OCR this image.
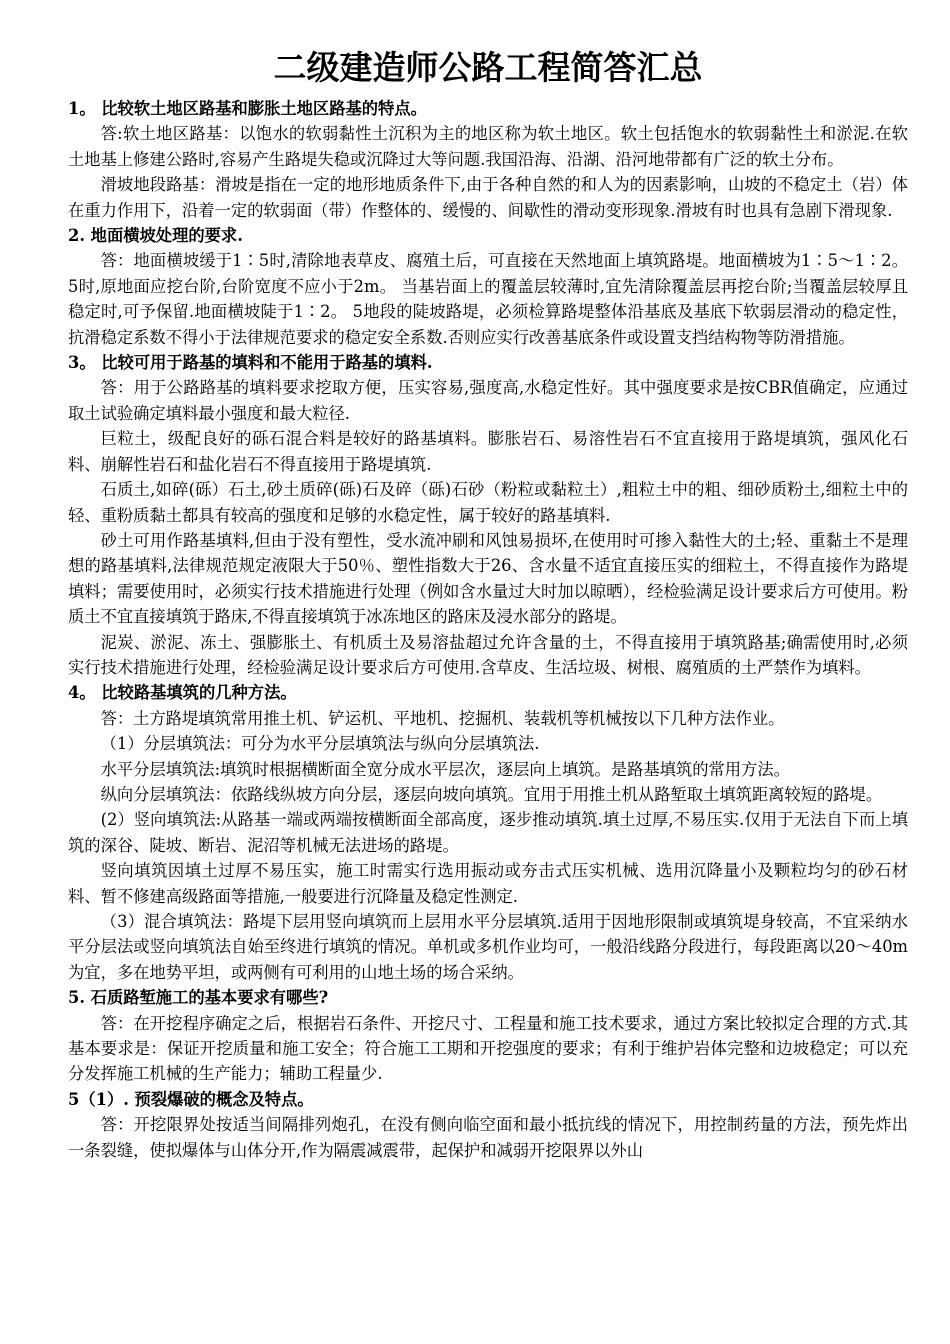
二级建造师公路工程简答汇总
1。 比较软土地区路基和膨胀土地区路基的特点。
答:软土地区路基：以饱水的软弱黏性土沉积为主的地区称为软土地区。软土包括饱水的软弱黏性土和淤泥.在软土地基上修建公路时,容易产生路堤失稳或沉降过大等问题.我国沿海、沿湖、沿河地带都有广泛的软土分布。
滑坡地段路基：滑坡是指在一定的地形地质条件下,由于各种自然的和人为的因素影响，山坡的不稳定土（岩）体在重力作用下，沿着一定的软弱面（带）作整体的、缓慢的、间歇性的滑动变形现象.滑坡有时也具有急剧下滑现象.
2. 地面横坡处理的要求.
答：地面横坡缓于1∶5时,清除地表草皮、腐殖土后，可直接在天然地面上填筑路堤。地面横坡为1∶5～1∶2。 5时,原地面应挖台阶,台阶宽度不应小于2m。 当基岩面上的覆盖层较薄时,宜先清除覆盖层再挖台阶;当覆盖层较厚且稳定时,可予保留.地面横坡陡于1∶2。 5地段的陡坡路堤，必须检算路堤整体沿基底及基底下软弱层滑动的稳定性，抗滑稳定系数不得小于法律规范要求的稳定安全系数.否则应实行改善基底条件或设置支挡结构物等防滑措施。
3。 比较可用于路基的填料和不能用于路基的填料.
答：用于公路路基的填料要求挖取方便，压实容易,强度高,水稳定性好。其中强度要求是按CBR值确定，应通过取土试验确定填料最小强度和最大粒径.
巨粒土，级配良好的砾石混合料是较好的路基填料。膨胀岩石、易溶性岩石不宜直接用于路堤填筑，强风化石料、崩解性岩石和盐化岩石不得直接用于路堤填筑.
石质土,如碎(砾）石土,砂土质碎(砾)石及碎（砾)石砂（粉粒或黏粒土）,粗粒土中的粗、细砂质粉土,细粒土中的轻、重粉质黏土都具有较高的强度和足够的水稳定性，属于较好的路基填料.
砂土可用作路基填料,但由于没有塑性，受水流冲刷和风蚀易损坏,在使用时可掺入黏性大的土;轻、重黏土不是理想的路基填料,法律规范规定液限大于50％、塑性指数大于26、含水量不适宜直接压实的细粒土，不得直接作为路堤填料；需要使用时，必须实行技术措施进行处理（例如含水量过大时加以晾晒），经检验满足设计要求后方可使用。粉质土不宜直接填筑于路床,不得直接填筑于冰冻地区的路床及浸水部分的路堤。
泥炭、淤泥、冻土、强膨胀土、有机质土及易溶盐超过允许含量的土，不得直接用于填筑路基;确需使用时,必须实行技术措施进行处理，经检验满足设计要求后方可使用.含草皮、生活垃圾、树根、腐殖质的土严禁作为填料。
4。 比较路基填筑的几种方法。
答：土方路堤填筑常用推土机、铲运机、平地机、挖掘机、装载机等机械按以下几种方法作业。
（1）分层填筑法：可分为水平分层填筑法与纵向分层填筑法.
水平分层填筑法:填筑时根据横断面全宽分成水平层次，逐层向上填筑。是路基填筑的常用方法。
纵向分层填筑法：依路线纵坡方向分层，逐层向坡向填筑。宜用于用推土机从路堑取土填筑距离较短的路堤。
(2）竖向填筑法:从路基一端或两端按横断面全部高度，逐步推动填筑.填土过厚,不易压实.仅用于无法自下而上填筑的深谷、陡坡、断岩、泥沼等机械无法进场的路堤。
竖向填筑因填土过厚不易压实，施工时需实行选用振动或夯击式压实机械、选用沉降量小及颗粒均匀的砂石材料、暂不修建高级路面等措施,一般要进行沉降量及稳定性测定.
（3）混合填筑法：路堤下层用竖向填筑而上层用水平分层填筑.适用于因地形限制或填筑堤身较高，不宜采纳水平分层法或竖向填筑法自始至终进行填筑的情况。单机或多机作业均可，一般沿线路分段进行，每段距离以20～40m为宜，多在地势平坦，或两侧有可利用的山地土场的场合采纳。
5. 石质路堑施工的基本要求有哪些?
答：在开挖程序确定之后，根据岩石条件、开挖尺寸、工程量和施工技术要求，通过方案比较拟定合理的方式.其基本要求是：保证开挖质量和施工安全；符合施工工期和开挖强度的要求；有利于维护岩体完整和边坡稳定；可以充分发挥施工机械的生产能力；辅助工程量少.
5（1）. 预裂爆破的概念及特点。
答：开挖限界处按适当间隔排列炮孔，在没有侧向临空面和最小抵抗线的情况下，用控制药量的方法，预先炸出一条裂缝，使拟爆体与山体分开,作为隔震减震带，起保护和减弱开挖限界以外山
